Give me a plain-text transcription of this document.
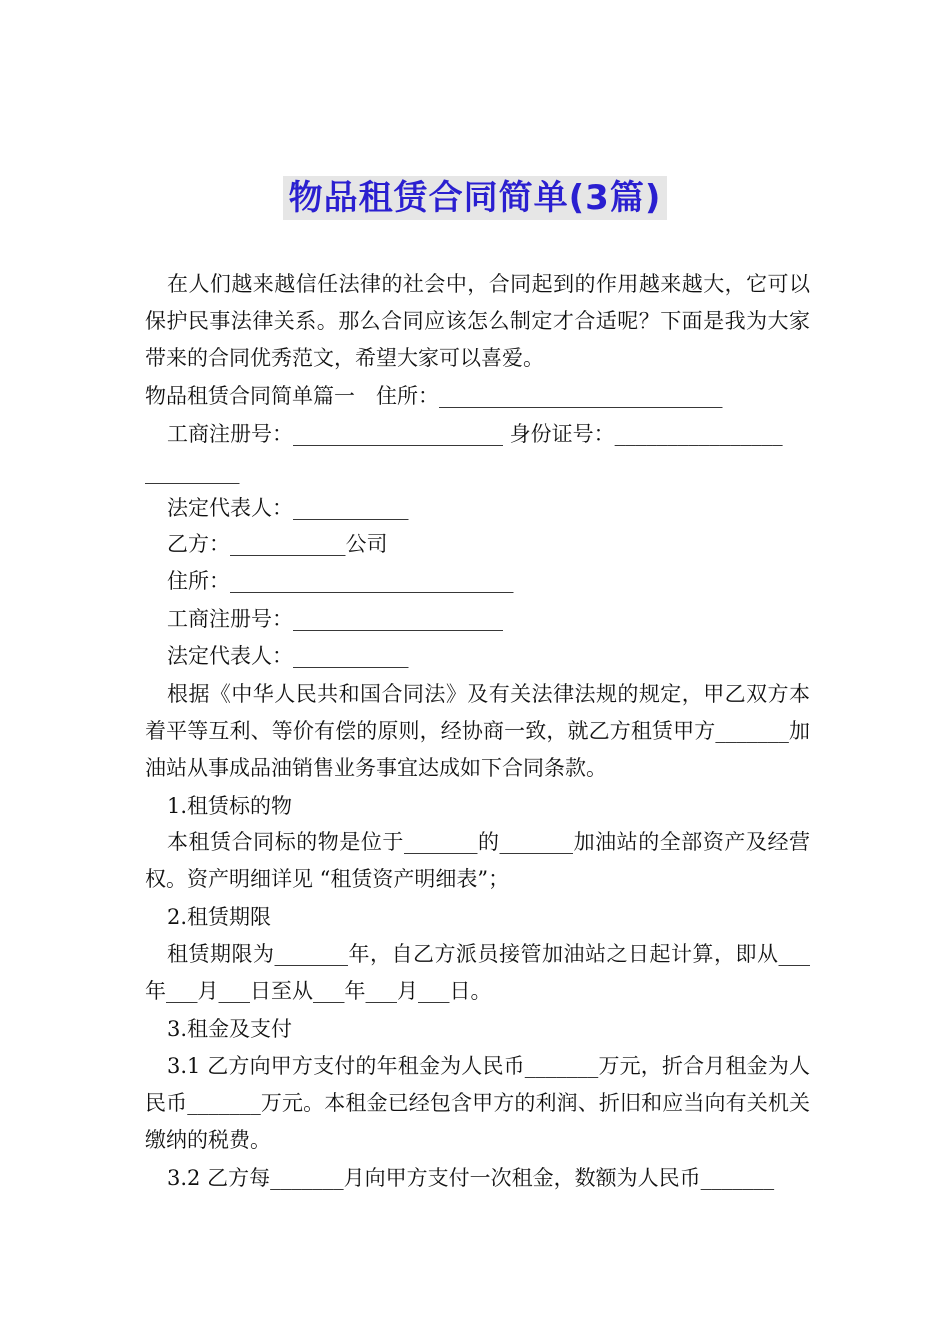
物品租赁合同简单(3篇)
在人们越来越信任法律的社会中，合同起到的作用越来越大，它可以保护民事法律关系。那么合同应该怎么制定才合适呢？下面是我为大家带来的合同优秀范文，希望大家可以喜爱。
物品租赁合同简单篇一　住所：___________________________
工商注册号：____________________ 身份证号：________________
_________
法定代表人：___________
乙方：___________公司
住所：___________________________
工商注册号：____________________
法定代表人：___________
根据《中华人民共和国合同法》及有关法律法规的规定，甲乙双方本着平等互利、等价有偿的原则，经协商一致，就乙方租赁甲方_______加油站从事成品油销售业务事宜达成如下合同条款。
1.租赁标的物
本租赁合同标的物是位于_______的_______加油站的全部资产及经营权。资产明细详见 “租赁资产明细表”；
2.租赁期限
租赁期限为_______年，自乙方派员接管加油站之日起计算，即从___年___月___日至从___年___月___日。
3.租金及支付
3.1 乙方向甲方支付的年租金为人民币_______万元，折合月租金为人民币_______万元。本租金已经包含甲方的利润、折旧和应当向有关机关缴纳的税费。
3.2 乙方每_______月向甲方支付一次租金，数额为人民币_______
